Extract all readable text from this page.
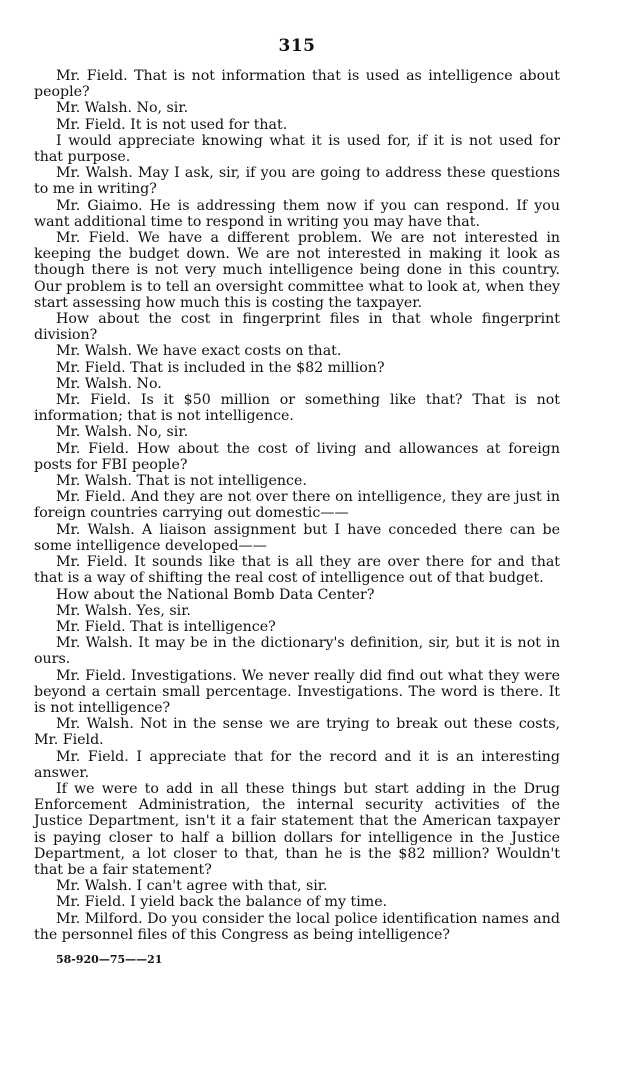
315

Mr. Field. That is not information that is used as intelligence about people?

Mr. Walsh. No, sir.

Mr. Field. It is not used for that.

I would appreciate knowing what it is used for, if it is not used for that purpose.

Mr. Walsh. May I ask, sir, if you are going to address these questions to me in writing?

Mr. Giaimo. He is addressing them now if you can respond. If you want additional time to respond in writing you may have that.

Mr. Field. We have a different problem. We are not interested in keeping the budget down. We are not interested in making it look as though there is not very much intelligence being done in this country. Our problem is to tell an oversight committee what to look at, when they start assessing how much this is costing the taxpayer.

How about the cost in fingerprint files in that whole fingerprint division?

Mr. Walsh. We have exact costs on that.

Mr. Field. That is included in the $82 million?

Mr. Walsh. No.

Mr. Field. Is it $50 million or something like that? That is not information; that is not intelligence.

Mr. Walsh. No, sir.

Mr. Field. How about the cost of living and allowances at foreign posts for FBI people?

Mr. Walsh. That is not intelligence.

Mr. Field. And they are not over there on intelligence, they are just in foreign countries carrying out domestic——

Mr. Walsh. A liaison assignment but I have conceded there can be some intelligence developed——

Mr. Field. It sounds like that is all they are over there for and that that is a way of shifting the real cost of intelligence out of that budget.

How about the National Bomb Data Center?

Mr. Walsh. Yes, sir.

Mr. Field. That is intelligence?

Mr. Walsh. It may be in the dictionary's definition, sir, but it is not in ours.

Mr. Field. Investigations. We never really did find out what they were beyond a certain small percentage. Investigations. The word is there. It is not intelligence?

Mr. Walsh. Not in the sense we are trying to break out these costs, Mr. Field.

Mr. Field. I appreciate that for the record and it is an interesting answer.

If we were to add in all these things but start adding in the Drug Enforcement Administration, the internal security activities of the Justice Department, isn't it a fair statement that the American taxpayer is paying closer to half a billion dollars for intelligence in the Justice Department, a lot closer to that, than he is the $82 million? Wouldn't that be a fair statement?

Mr. Walsh. I can't agree with that, sir.

Mr. Field. I yield back the balance of my time.

Mr. Milford. Do you consider the local police identification names and the personnel files of this Congress as being intelligence?

58-920—75——21
